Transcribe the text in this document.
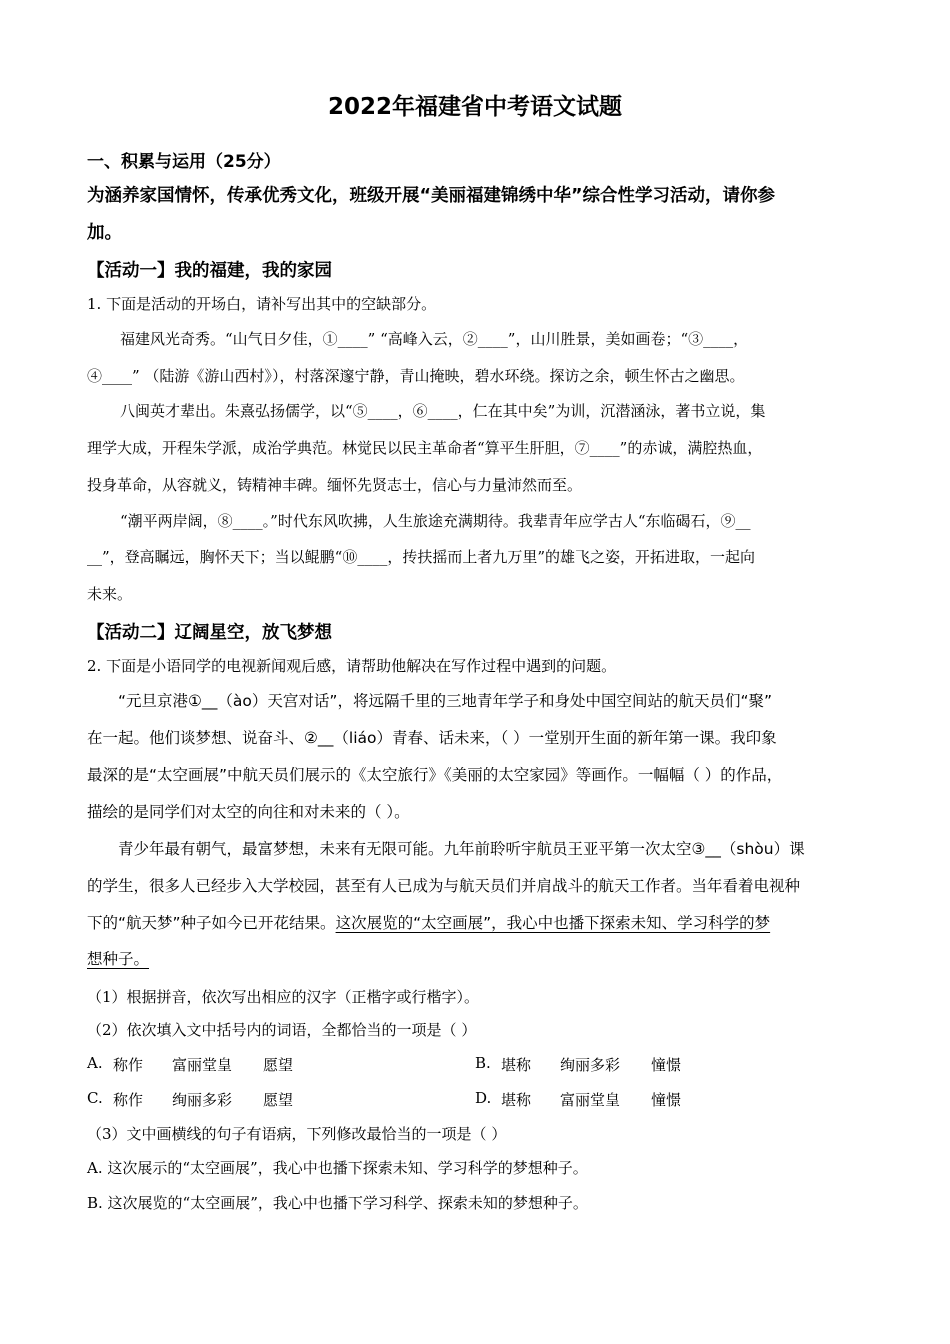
2022年福建省中考语文试题
一、积累与运用（25分）
为涵养家国情怀，传承优秀文化，班级开展“美丽福建锦绣中华”综合性学习活动，请你参
加。
【活动一】我的福建，我的家园
1. 下面是活动的开场白，请补写出其中的空缺部分。
福建风光奇秀。“山气日夕佳，①____” “高峰入云，②____”，山川胜景，美如画卷；“③____，
④____” （陆游《游山西村》），村落深邃宁静，青山掩映，碧水环绕。探访之余，顿生怀古之幽思。
八闽英才辈出。朱熹弘扬儒学，以“⑤____，⑥____，仁在其中矣”为训，沉潜涵泳，著书立说，集
理学大成，开程朱学派，成治学典范。林觉民以民主革命者“算平生肝胆，⑦____”的赤诚，满腔热血，
投身革命，从容就义，铸精神丰碑。缅怀先贤志士，信心与力量沛然而至。
“潮平两岸阔，⑧____。”时代东风吹拂，人生旅途充满期待。我辈青年应学古人“东临碣石，⑨__
__”，登高瞩远，胸怀天下；当以鲲鹏“⑩____，抟扶摇而上者九万里”的雄飞之姿，开拓进取，一起向
未来。
【活动二】辽阔星空，放飞梦想
2. 下面是小语同学的电视新闻观后感，请帮助他解决在写作过程中遇到的问题。
“元旦京港①__（ào）天宫对话”，将远隔千里的三地青年学子和身处中国空间站的航天员们“聚”
在一起。他们谈梦想、说奋斗、②__（liáo）青春、话未来，（ ）一堂别开生面的新年第一课。我印象
最深的是“太空画展”中航天员们展示的《太空旅行》《美丽的太空家园》等画作。一幅幅（ ）的作品，
描绘的是同学们对太空的向往和对未来的（ ）。
青少年最有朝气，最富梦想，未来有无限可能。九年前聆听宇航员王亚平第一次太空③__（shòu）课
的学生，很多人已经步入大学校园，甚至有人已成为与航天员们并肩战斗的航天工作者。当年看着电视种
下的“航天梦”种子如今已开花结果。这次展览的“太空画展”，我心中也播下探索未知、学习科学的梦
想种子。
（1）根据拼音，依次写出相应的汉字（正楷字或行楷字）。
（2）依次填入文中括号内的词语，全都恰当的一项是（ ）
A. 称作 富丽堂皇 愿望	B. 堪称 绚丽多彩 憧憬
C. 称作 绚丽多彩 愿望	D. 堪称 富丽堂皇 憧憬
（3）文中画横线的句子有语病，下列修改最恰当的一项是（ ）
A. 这次展示的“太空画展”，我心中也播下探索未知、学习科学的梦想种子。
B. 这次展览的“太空画展”，我心中也播下学习科学、探索未知的梦想种子。
